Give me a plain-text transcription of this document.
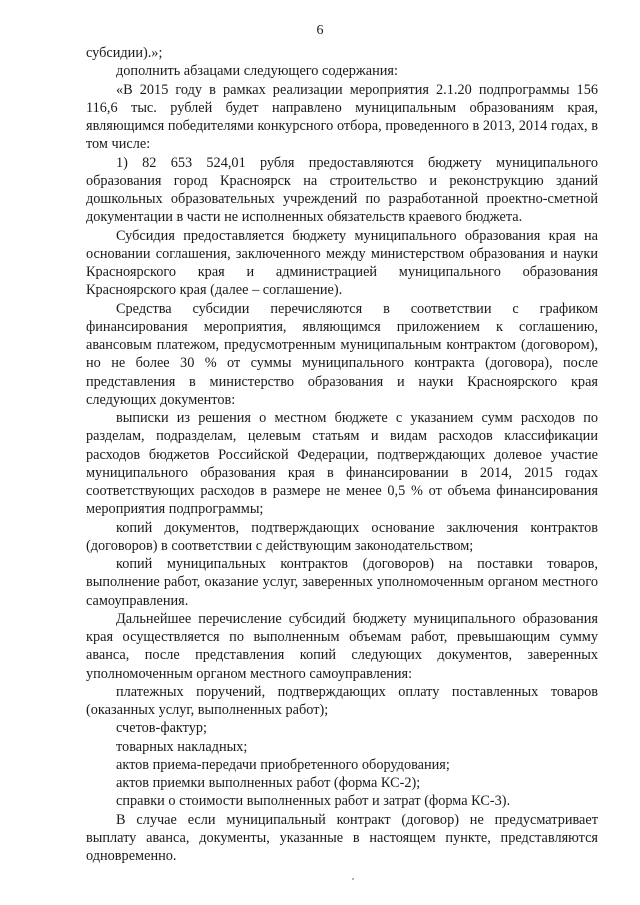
6

субсидии).»;

дополнить абзацами следующего содержания:

«В 2015 году в рамках реализации мероприятия 2.1.20 подпрограммы 156 116,6 тыс. рублей будет направлено муниципальным образованиям края, являющимся победителями конкурсного отбора, проведенного в 2013, 2014 годах, в том числе:

1) 82 653 524,01 рубля предоставляются бюджету муниципального образования город Красноярск на строительство и реконструкцию зданий дошкольных образовательных учреждений по разработанной проектно-сметной документации в части не исполненных обязательств краевого бюджета.

Субсидия предоставляется бюджету муниципального образования края на основании соглашения, заключенного между министерством образования и науки Красноярского края и администрацией муниципального образования Красноярского края (далее – соглашение).

Средства субсидии перечисляются в соответствии с графиком финансирования мероприятия, являющимся приложением к соглашению, авансовым платежом, предусмотренным муниципальным контрактом (договором), но не более 30 % от суммы муниципального контракта (договора), после представления в министерство образования и науки Красноярского края следующих документов:

выписки из решения о местном бюджете с указанием сумм расходов по разделам, подразделам, целевым статьям и видам расходов классификации расходов бюджетов Российской Федерации, подтверждающих долевое участие муниципального образования края в финансировании в 2014, 2015 годах соответствующих расходов в размере не менее 0,5 % от объема финансирования мероприятия подпрограммы;

копий документов, подтверждающих основание заключения контрактов (договоров) в соответствии с действующим законодательством;

копий муниципальных контрактов (договоров) на поставки товаров, выполнение работ, оказание услуг, заверенных уполномоченным органом местного самоуправления.

Дальнейшее перечисление субсидий бюджету муниципального образования края осуществляется по выполненным объемам работ, превышающим сумму аванса, после представления копий следующих документов, заверенных уполномоченным органом местного самоуправления:

платежных поручений, подтверждающих оплату поставленных товаров (оказанных услуг, выполненных работ);

счетов-фактур;

товарных накладных;

актов приема-передачи приобретенного оборудования;

актов приемки выполненных работ (форма КС-2);

справки о стоимости выполненных работ и затрат (форма КС-3).

В случае если муниципальный контракт (договор) не предусматривает выплату аванса, документы, указанные в настоящем пункте, представляются одновременно.
